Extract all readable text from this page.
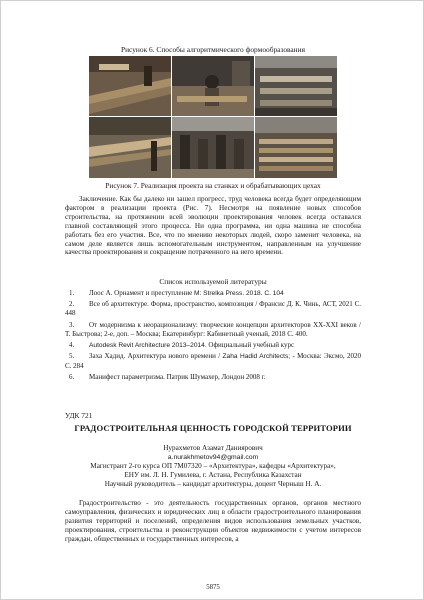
Рисунок 6. Способы алгоритмического формообразования
Рисунок 7. Реализация проекта на станках и обрабатывающих цехах
Заключение. Как бы далеко ни зашел прогресс, труд человека всегда будет определяющим фактором в реализации проекта (Рис. 7). Несмотря на появление новых способов строительства, на протяжении всей эволюции проектирования человек всегда оставался главной составляющей этого процесса. Ни одна программа, ни одна машина не способна работать без его участия. Все, что по мнению некоторых людей, скоро заменит человека, на самом деле является лишь вспомогательным инструментом, направленным на улучшение качества проектирования и сокращение потраченного на него времени.
Список используемой литературы
1.	Лоос А. Орнамент и преступление M: Strelka Press. 2018. С. 104
2.	Все об архитектуре. Форма, пространство, композиция / Франсис Д. К. Чинь, АСТ, 2021 С. 448
3.	От модернизма к неорационализму: творческие концепции архитекторов XX-XXI веков / Т. Быстрова; 2-е, доп. – Москва; Екатеринбург: Кабинетный ученый, 2018 С. 400.
4.	Autodesk Revit Architecture 2013–2014. Официальный учебный курс
5.	Заха Хадид. Архитектура нового времени / Zaha Hadid Architects; - Москва: Эксмо, 2020 С. 284
6.	Манифест параметризма. Патрик Шумахер, Лондон 2008 г.
УДК 721
ГРАДОСТРОИТЕЛЬНАЯ ЦЕННОСТЬ ГОРОДСКОЙ ТЕРРИТОРИИ
Нурахметов Азамат Даниярович
a.nurakhmetov94@gmail.com
Магистрант 2-го курса ОП 7М07320 – «Архитектура», кафедры «Архитектура»,
ЕНУ им. Л. Н. Гумилева, г. Астана, Республика Казахстан
Научный руководитель – кандидат архитектуры, доцент Черныш Н. А.
Градостроительство - это деятельность государственных органов, органов местного самоуправления, физических и юридических лиц в области градостроительного планирования развития территорий и поселений, определения видов использования земельных участков, проектирования, строительства и реконструкции объектов недвижимости с учетом интересов граждан, общественных и государственных интересов, а
5875
